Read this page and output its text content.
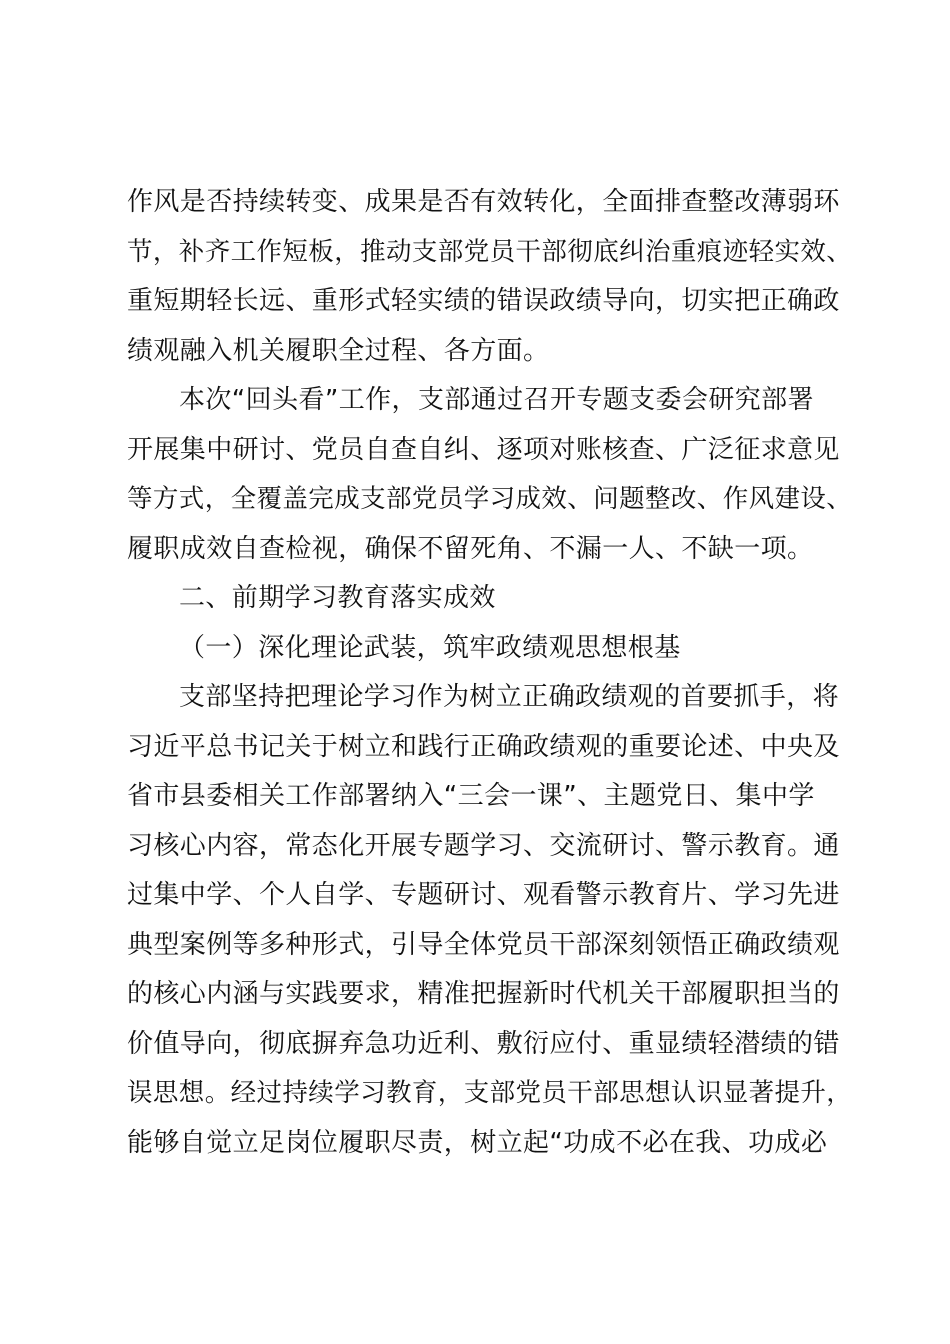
作风是否持续转变、成果是否有效转化，全面排查整改薄弱环
节，补齐工作短板，推动支部党员干部彻底纠治重痕迹轻实效、
重短期轻长远、重形式轻实绩的错误政绩导向，切实把正确政
绩观融入机关履职全过程、各方面。
本次“回头看”工作，支部通过召开专题支委会研究部署
开展集中研讨、党员自查自纠、逐项对账核查、广泛征求意见
等方式，全覆盖完成支部党员学习成效、问题整改、作风建设、
履职成效自查检视，确保不留死角、不漏一人、不缺一项。
二、前期学习教育落实成效
（一）深化理论武装，筑牢政绩观思想根基
支部坚持把理论学习作为树立正确政绩观的首要抓手，将
习近平总书记关于树立和践行正确政绩观的重要论述、中央及
省市县委相关工作部署纳入“三会一课”、主题党日、集中学
习核心内容，常态化开展专题学习、交流研讨、警示教育。通
过集中学、个人自学、专题研讨、观看警示教育片、学习先进
典型案例等多种形式，引导全体党员干部深刻领悟正确政绩观
的核心内涵与实践要求，精准把握新时代机关干部履职担当的
价值导向，彻底摒弃急功近利、敷衍应付、重显绩轻潜绩的错
误思想。经过持续学习教育，支部党员干部思想认识显著提升，
能够自觉立足岗位履职尽责，树立起“功成不必在我、功成必
